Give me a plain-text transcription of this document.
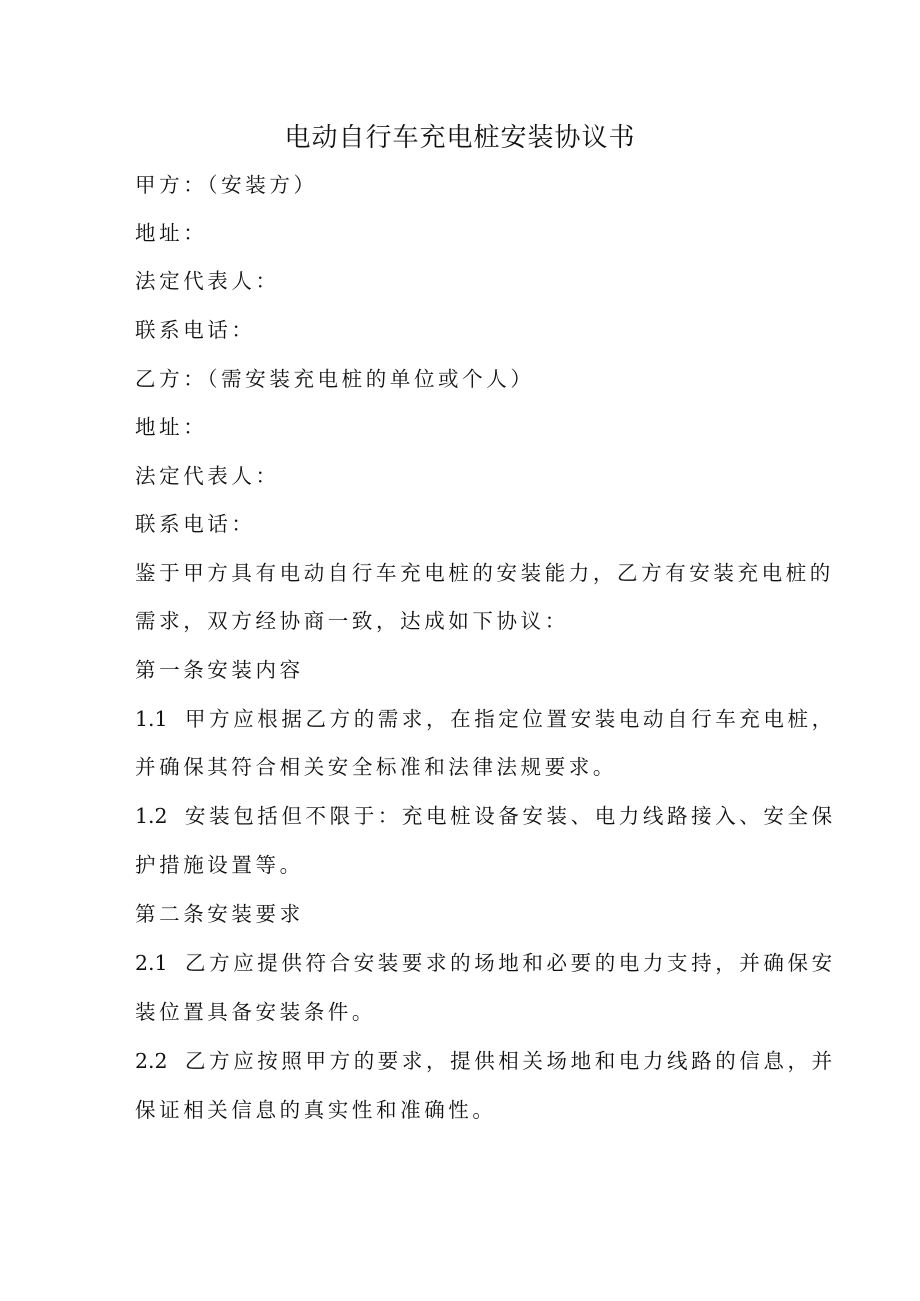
电动自行车充电桩安装协议书
甲方：（安装方）
地址：
法定代表人：
联系电话：
乙方：（需安装充电桩的单位或个人）
地址：
法定代表人：
联系电话：
鉴于甲方具有电动自行车充电桩的安装能力，乙方有安装充电桩的
需求，双方经协商一致，达成如下协议：
第一条安装内容
1.1 甲方应根据乙方的需求，在指定位置安装电动自行车充电桩，
并确保其符合相关安全标准和法律法规要求。
1.2 安装包括但不限于：充电桩设备安装、电力线路接入、安全保
护措施设置等。
第二条安装要求
2.1 乙方应提供符合安装要求的场地和必要的电力支持，并确保安
装位置具备安装条件。
2.2 乙方应按照甲方的要求，提供相关场地和电力线路的信息，并
保证相关信息的真实性和准确性。
